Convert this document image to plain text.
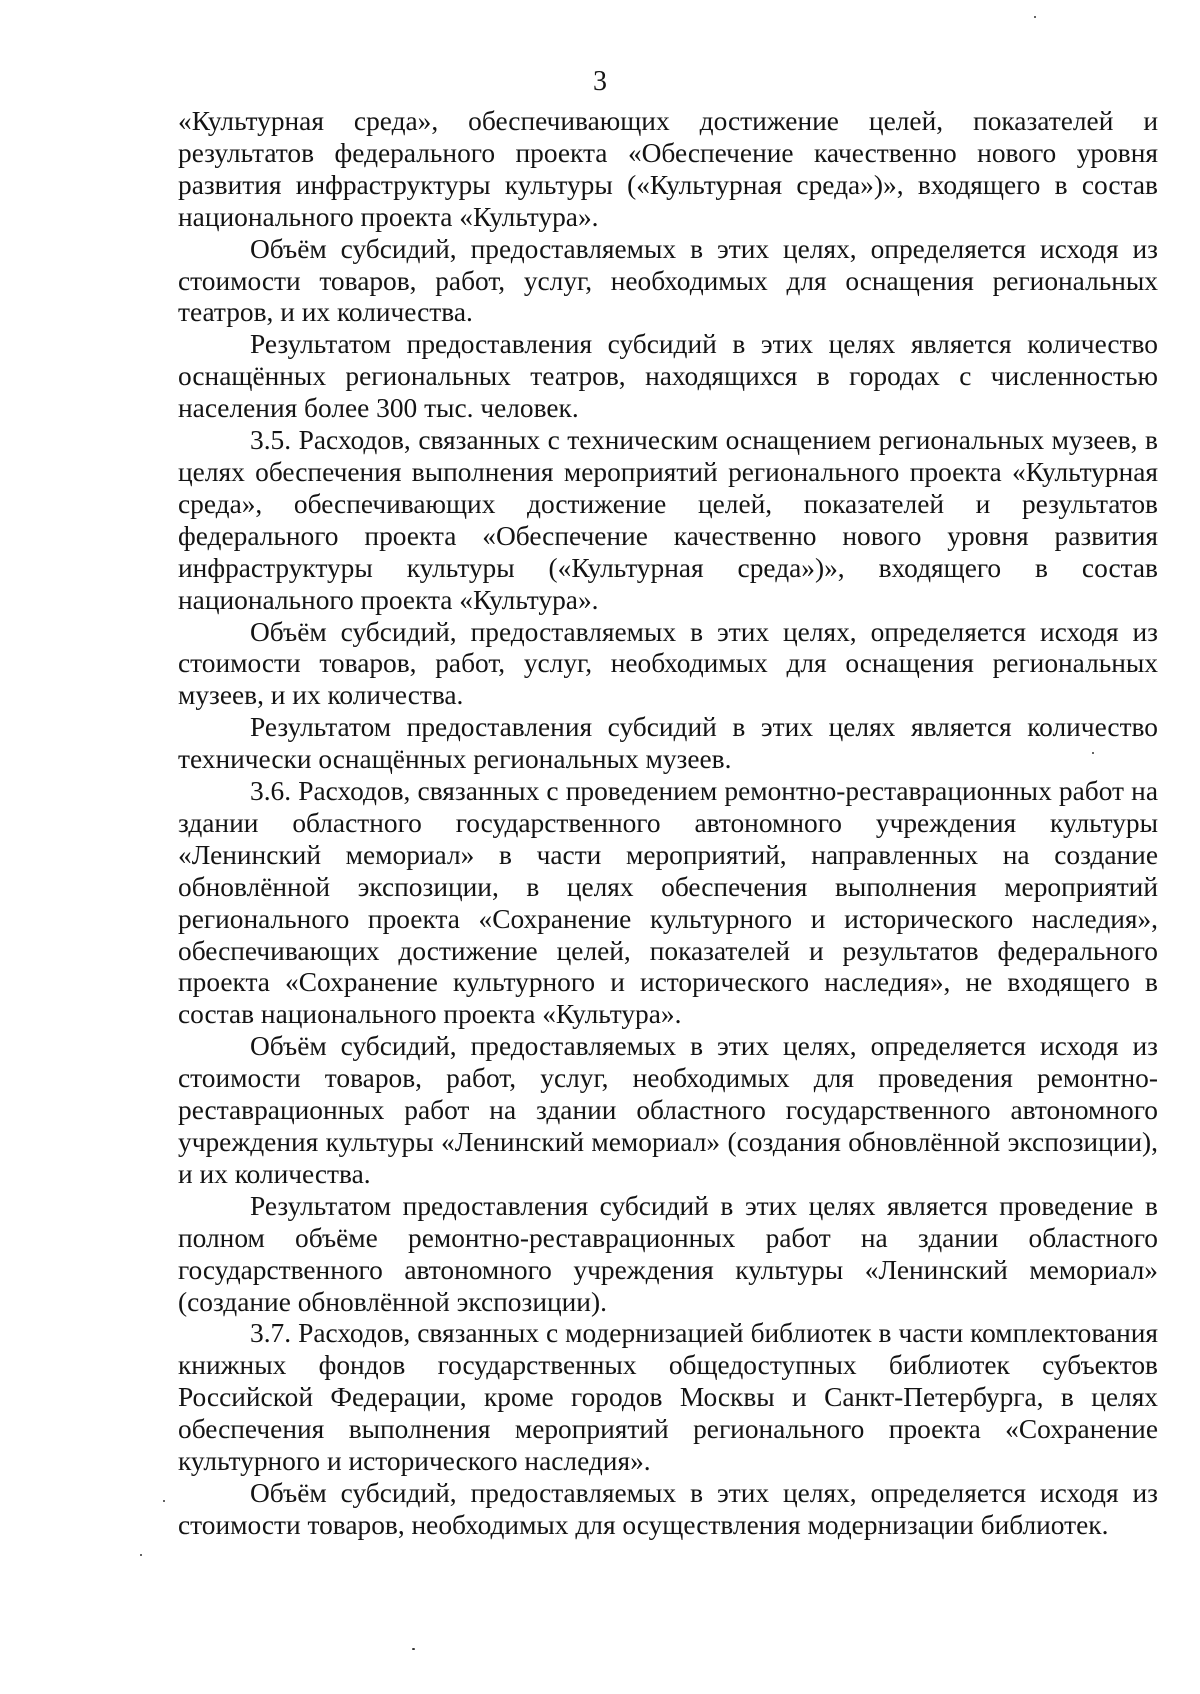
3

«Культурная среда», обеспечивающих достижение целей, показателей и результатов федерального проекта «Обеспечение качественно нового уровня развития инфраструктуры культуры («Культурная среда»)», входящего в состав национального проекта «Культура».

Объём субсидий, предоставляемых в этих целях, определяется исходя из стоимости товаров, работ, услуг, необходимых для оснащения региональных театров, и их количества.

Результатом предоставления субсидий в этих целях является количество оснащённых региональных театров, находящихся в городах с численностью населения более 300 тыс. человек.

3.5. Расходов, связанных с техническим оснащением региональных музеев, в целях обеспечения выполнения мероприятий регионального проекта «Культурная среда», обеспечивающих достижение целей, показателей и результатов федерального проекта «Обеспечение качественно нового уровня развития инфраструктуры культуры («Культурная среда»)», входящего в состав национального проекта «Культура».

Объём субсидий, предоставляемых в этих целях, определяется исходя из стоимости товаров, работ, услуг, необходимых для оснащения региональных музеев, и их количества.

Результатом предоставления субсидий в этих целях является количество технически оснащённых региональных музеев.

3.6. Расходов, связанных с проведением ремонтно-реставрационных работ на здании областного государственного автономного учреждения культуры «Ленинский мемориал» в части мероприятий, направленных на создание обновлённой экспозиции, в целях обеспечения выполнения мероприятий регионального проекта «Сохранение культурного и исторического наследия», обеспечивающих достижение целей, показателей и результатов федерального проекта «Сохранение культурного и исторического наследия», не входящего в состав национального проекта «Культура».

Объём субсидий, предоставляемых в этих целях, определяется исходя из стоимости товаров, работ, услуг, необходимых для проведения ремонтно-реставрационных работ на здании областного государственного автономного учреждения культуры «Ленинский мемориал» (создания обновлённой экспозиции), и их количества.

Результатом предоставления субсидий в этих целях является проведение в полном объёме ремонтно-реставрационных работ на здании областного государственного автономного учреждения культуры «Ленинский мемориал» (создание обновлённой экспозиции).

3.7. Расходов, связанных с модернизацией библиотек в части комплектования книжных фондов государственных общедоступных библиотек субъектов Российской Федерации, кроме городов Москвы и Санкт-Петербурга, в целях обеспечения выполнения мероприятий регионального проекта «Сохранение культурного и исторического наследия».

Объём субсидий, предоставляемых в этих целях, определяется исходя из стоимости товаров, необходимых для осуществления модернизации библиотек.
